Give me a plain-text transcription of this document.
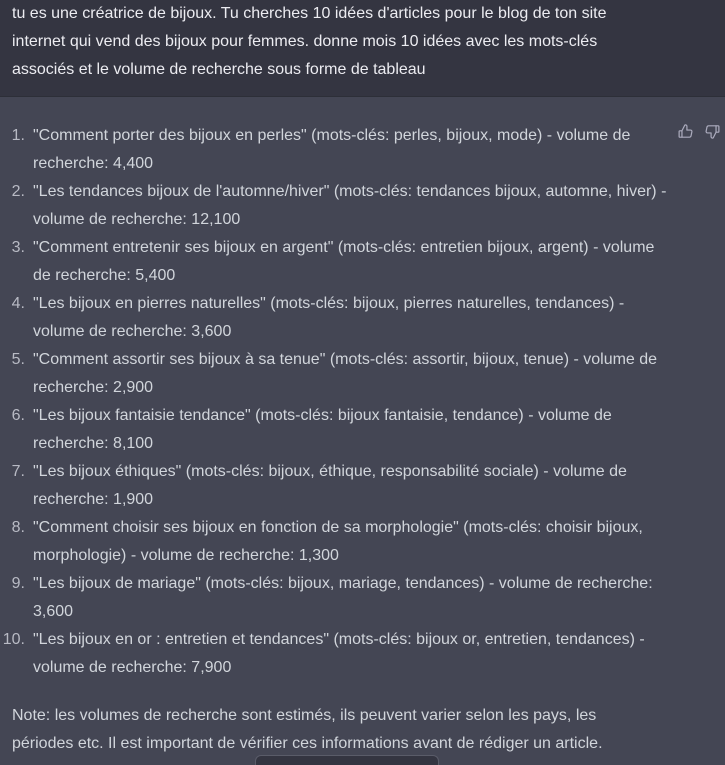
tu es une créatrice de bijoux. Tu cherches 10 idées d'articles pour le blog de ton site internet qui vend des bijoux pour femmes. donne mois 10 idées avec les mots-clés associés et le volume de recherche sous forme de tableau

1. "Comment porter des bijoux en perles" (mots-clés: perles, bijoux, mode) - volume de recherche: 4,400
2. "Les tendances bijoux de l'automne/hiver" (mots-clés: tendances bijoux, automne, hiver) - volume de recherche: 12,100
3. "Comment entretenir ses bijoux en argent" (mots-clés: entretien bijoux, argent) - volume de recherche: 5,400
4. "Les bijoux en pierres naturelles" (mots-clés: bijoux, pierres naturelles, tendances) - volume de recherche: 3,600
5. "Comment assortir ses bijoux à sa tenue" (mots-clés: assortir, bijoux, tenue) - volume de recherche: 2,900
6. "Les bijoux fantaisie tendance" (mots-clés: bijoux fantaisie, tendance) - volume de recherche: 8,100
7. "Les bijoux éthiques" (mots-clés: bijoux, éthique, responsabilité sociale) - volume de recherche: 1,900
8. "Comment choisir ses bijoux en fonction de sa morphologie" (mots-clés: choisir bijoux, morphologie) - volume de recherche: 1,300
9. "Les bijoux de mariage" (mots-clés: bijoux, mariage, tendances) - volume de recherche: 3,600
10. "Les bijoux en or : entretien et tendances" (mots-clés: bijoux or, entretien, tendances) - volume de recherche: 7,900

Note: les volumes de recherche sont estimés, ils peuvent varier selon les pays, les périodes etc. Il est important de vérifier ces informations avant de rédiger un article.
